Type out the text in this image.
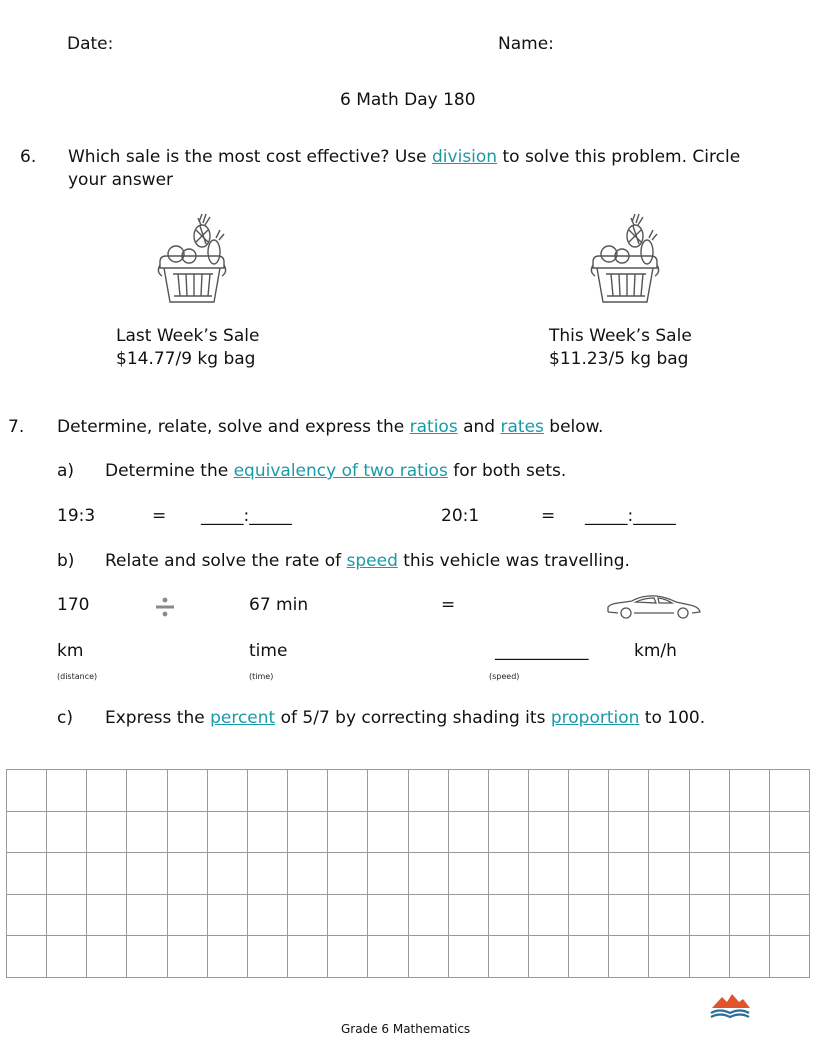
Date:	Name:
6 Math Day 180
6. Which sale is the most cost effective? Use division to solve this problem. Circle
your answer
Last Week’s Sale
$14.77/9 kg bag
This Week’s Sale
$11.23/5 kg bag
7. Determine, relate, solve and express the ratios and rates below.
a) Determine the equivalency of two ratios for both sets.
19:3	= _____:_____	20:1	= _____:_____
b) Relate and solve the rate of speed this vehicle was travelling.
170	67 min	=
km	time	___________	km/h
(distance)	(time)	(speed)
c) Express the percent of 5/7 by correcting shading its proportion to 100.
Grade 6 Mathematics
